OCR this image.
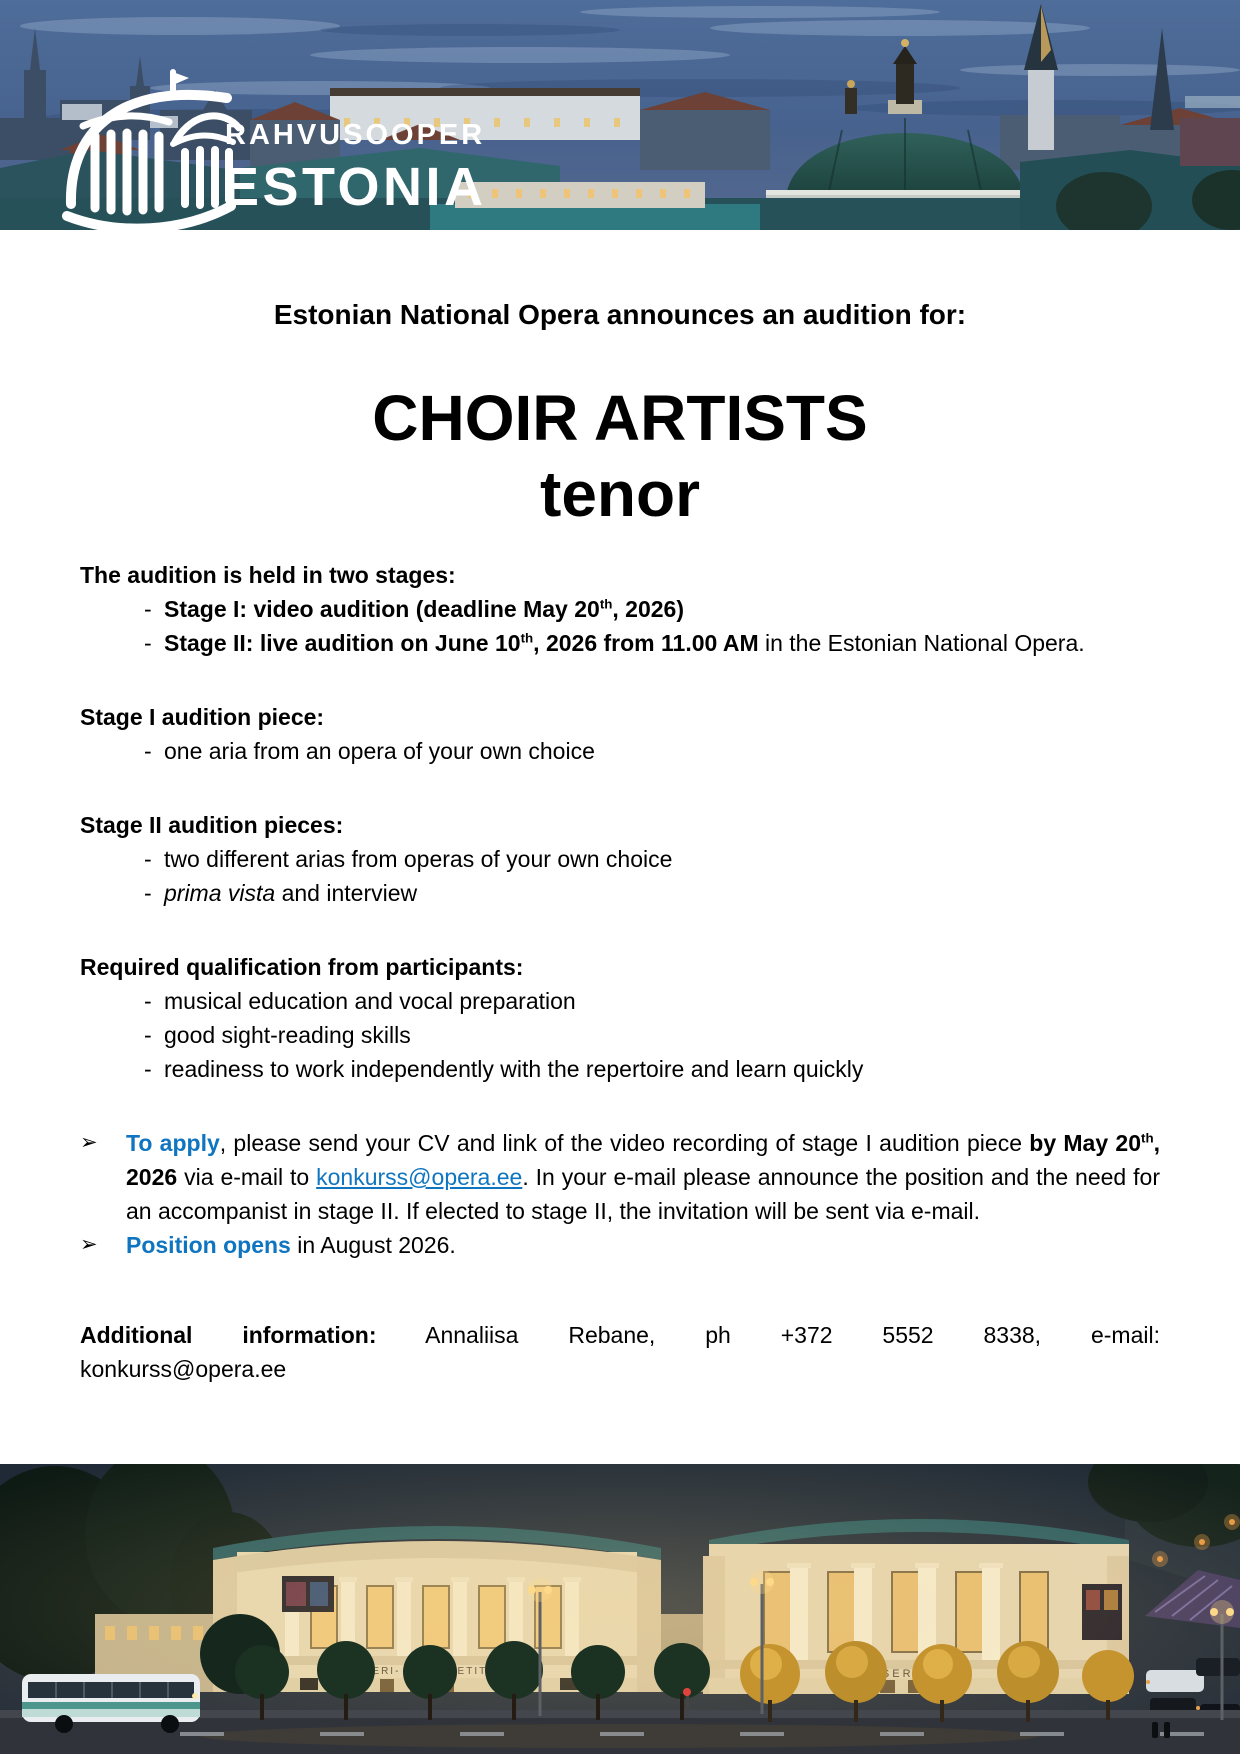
RAHVUSOOPER
ESTONIA

Estonian National Opera announces an audition for:

CHOIR ARTISTS
tenor

The audition is held in two stages:

- Stage I: video audition (deadline May 20th, 2026)
- Stage II: live audition on June 10th, 2026 from 11.00 AM in the Estonian National Opera.

Stage I audition piece:

- one aria from an opera of your own choice

Stage II audition pieces:

- two different arias from operas of your own choice
- prima vista and interview

Required qualification from participants:

- musical education and vocal preparation
- good sight-reading skills
- readiness to work independently with the repertoire and learn quickly
➢ To apply, please send your CV and link of the video recording of stage I audition piece by May 20th, 2026 via e-mail to konkurss@opera.ee. In your e-mail please announce the position and the need for an accompanist in stage II. If elected to stage II, the invitation will be sent via e-mail.
➢ Position opens in August 2026.
Additional information: Annaliisa Rebane, ph +372 5552 8338, e-mail:
konkurss@opera.ee
